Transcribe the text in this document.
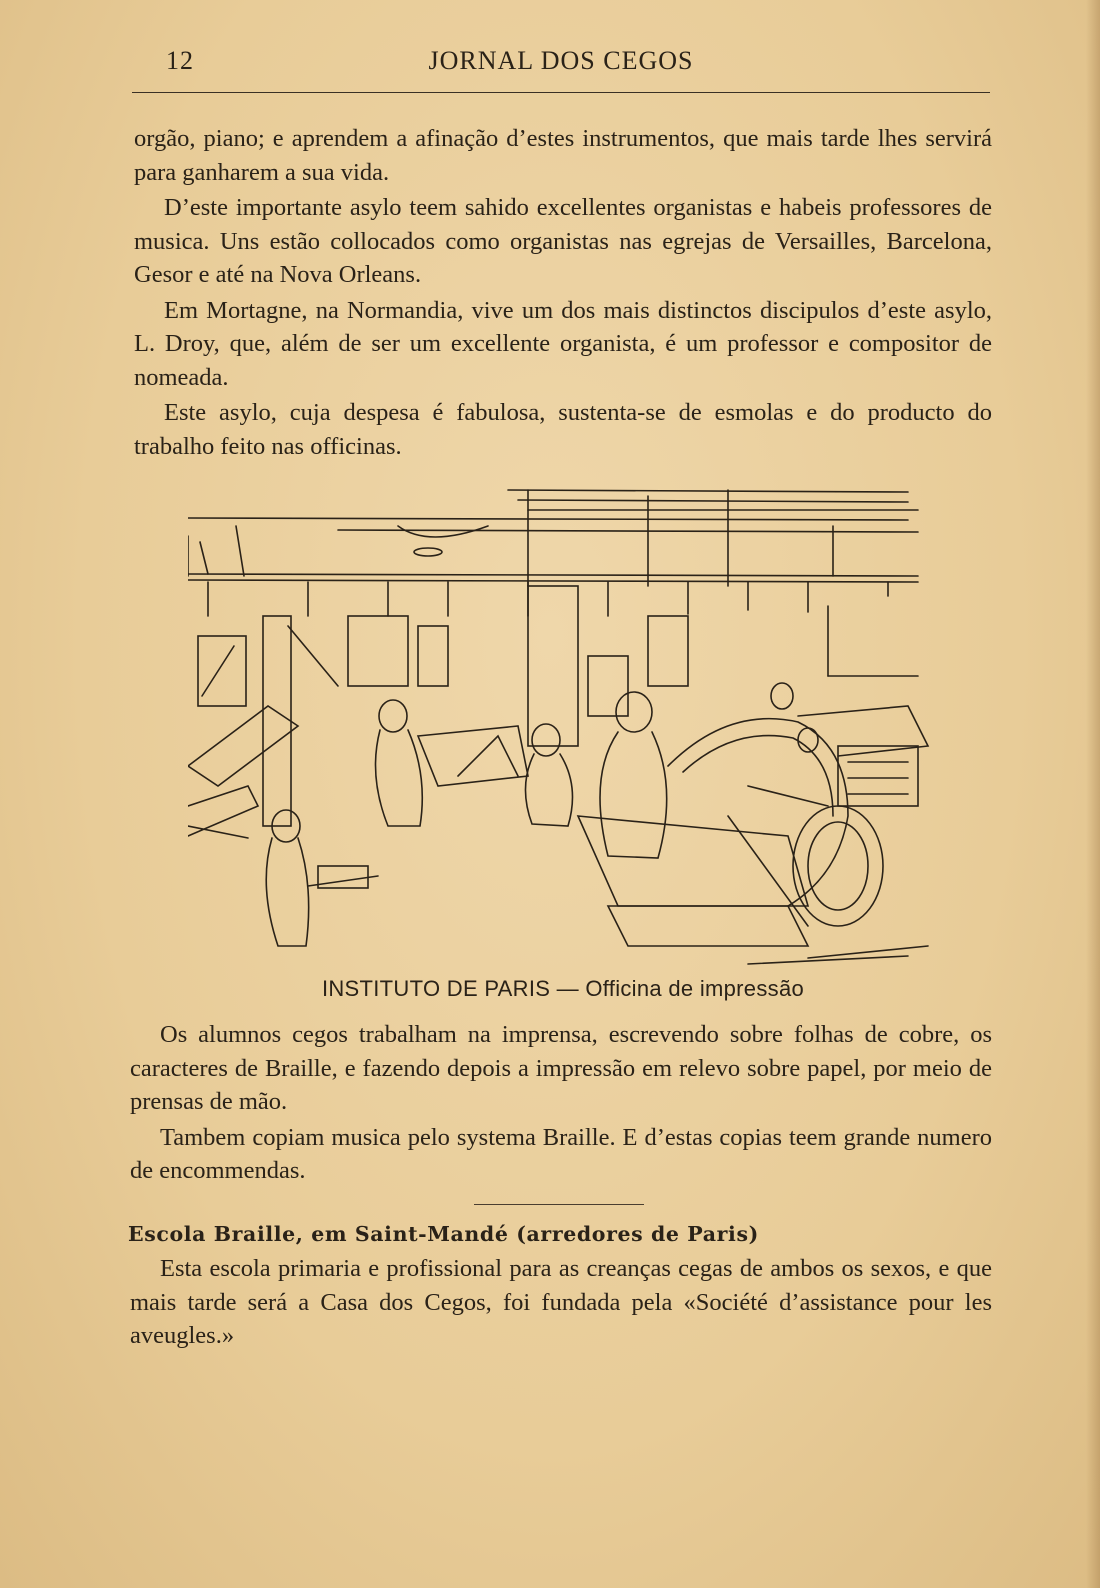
12	JORNAL DOS CEGOS

orgão, piano; e aprendem a afinação d’estes instrumentos, que mais tarde lhes servirá para ganharem a sua vida.

D’este importante asylo teem sahido excellentes organistas e habeis professores de musica. Uns estão collocados como organistas nas egrejas de Versailles, Barcelona, Gesor e até na Nova Orleans.

Em Mortagne, na Normandia, vive um dos mais distinctos discipulos d’este asylo, L. Droy, que, além de ser um excellente organista, é um professor e compositor de nomeada.

Este asylo, cuja despesa é fabulosa, sustenta-se de esmolas e do producto do trabalho feito nas officinas.

INSTITUTO DE PARIS — Officina de impressão

Os alumnos cegos trabalham na imprensa, escrevendo sobre folhas de cobre, os caracteres de Braille, e fazendo depois a impressão em relevo sobre papel, por meio de prensas de mão.

Tambem copiam musica pelo systema Braille. E d’estas copias teem grande numero de encommendas.

Escola Braille, em Saint-Mandé (arredores de Paris)

Esta escola primaria e profissional para as creanças cegas de ambos os sexos, e que mais tarde será a Casa dos Cegos, foi fundada pela «Société d’assistance pour les aveugles.»
